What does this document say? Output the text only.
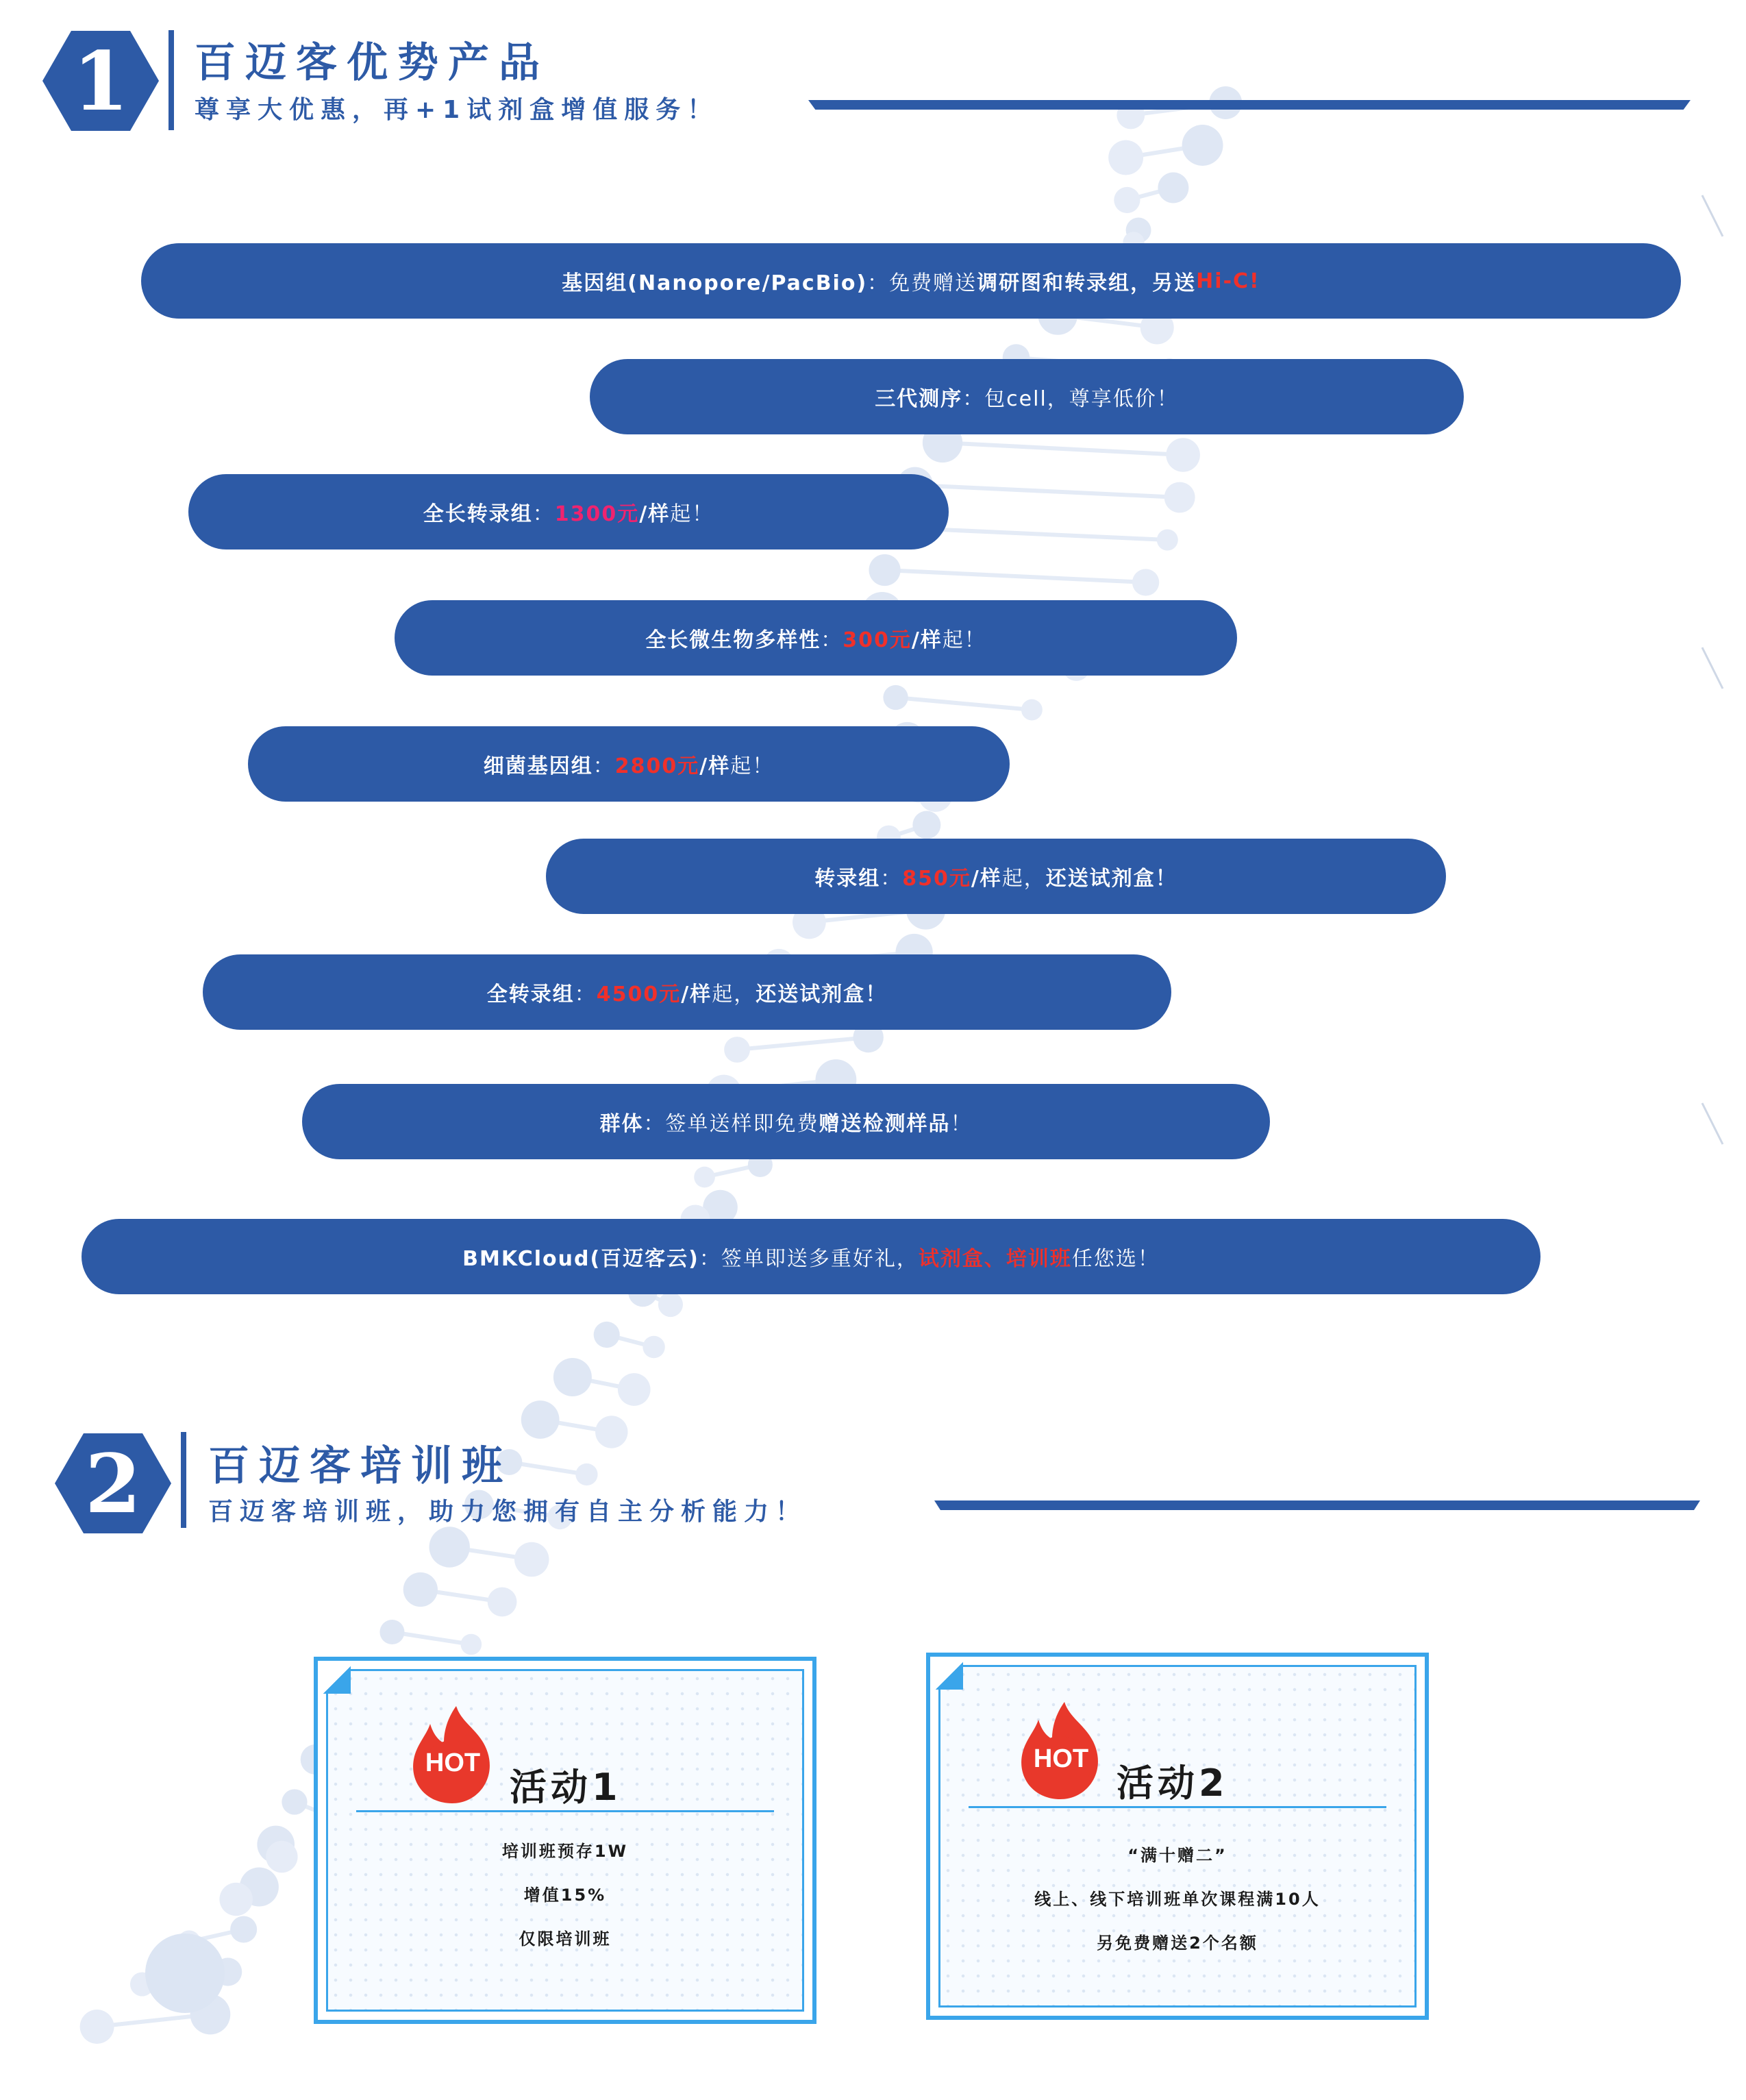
1	百迈客优势产品
尊享大优惠，再+1试剂盒增值服务！
基因组(Nanopore/PacBio) ：免费赠送 调研图和转录组，另送 Hi-C!
三代测序 ：包cell，尊享低价！
全长转录组 ： 1300元 /样 起！
全长微生物多样性 ： 300元 /样 起！
细菌基因组 ： 2800元 /样 起！
转录组 ： 850元 /样 起， 还送试剂盒！
全转录组 ： 4500元 /样 起， 还送试剂盒！
群体 ：签单送样即免费 赠送检测样品 ！
BMKCloud(百迈客云) ：签单即送多重好礼， 试剂盒、培训班 任您选！
2	百迈客培训班
百迈客培训班，助力您拥有自主分析能力！
HOT
活动1
培训班预存1W
增值15%
仅限培训班
HOT
活动2
“满十赠二”
线上、线下培训班单次课程满10人
另免费赠送2个名额
